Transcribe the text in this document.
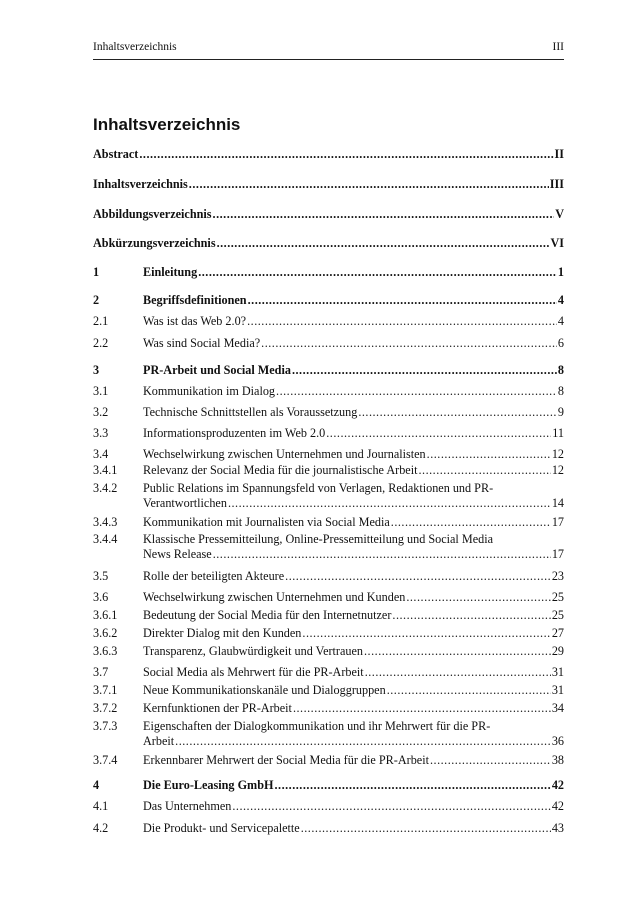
Inhaltsverzeichnis	III
Inhaltsverzeichnis
Abstract .....	II
Inhaltsverzeichnis .....	III
Abbildungsverzeichnis .....	V
Abkürzungsverzeichnis .....	VI
1	Einleitung .....	1
2	Begriffsdefinitionen .....	4
2.1	Was ist das Web 2.0? .....	4
2.2	Was sind Social Media? .....	6
3	PR-Arbeit und Social Media .....	8
3.1	Kommunikation im Dialog .....	8
3.2	Technische Schnittstellen als Voraussetzung .....	9
3.3	Informationsproduzenten im Web 2.0 .....	11
3.4	Wechselwirkung zwischen Unternehmen und Journalisten .....	12
3.4.1	Relevanz der Social Media für die journalistische Arbeit .....	12
3.4.2	Public Relations im Spannungsfeld von Verlagen, Redaktionen und PR-
Verantwortlichen .....	14
3.4.3	Kommunikation mit Journalisten via Social Media .....	17
3.4.4	Klassische Pressemitteilung, Online-Pressemitteilung und Social Media
News Release .....	17
3.5	Rolle der beteiligten Akteure .....	23
3.6	Wechselwirkung zwischen Unternehmen und Kunden .....	25
3.6.1	Bedeutung der Social Media für den Internetnutzer .....	25
3.6.2	Direkter Dialog mit den Kunden .....	27
3.6.3	Transparenz, Glaubwürdigkeit und Vertrauen .....	29
3.7	Social Media als Mehrwert für die PR-Arbeit .....	31
3.7.1	Neue Kommunikationskanäle und Dialoggruppen .....	31
3.7.2	Kernfunktionen der PR-Arbeit .....	34
3.7.3	Eigenschaften der Dialogkommunikation und ihr Mehrwert für die PR-
Arbeit .....	36
3.7.4	Erkennbarer Mehrwert der Social Media für die PR-Arbeit .....	38
4	Die Euro-Leasing GmbH .....	42
4.1	Das Unternehmen .....	42
4.2	Die Produkt- und Servicepalette .....	43
